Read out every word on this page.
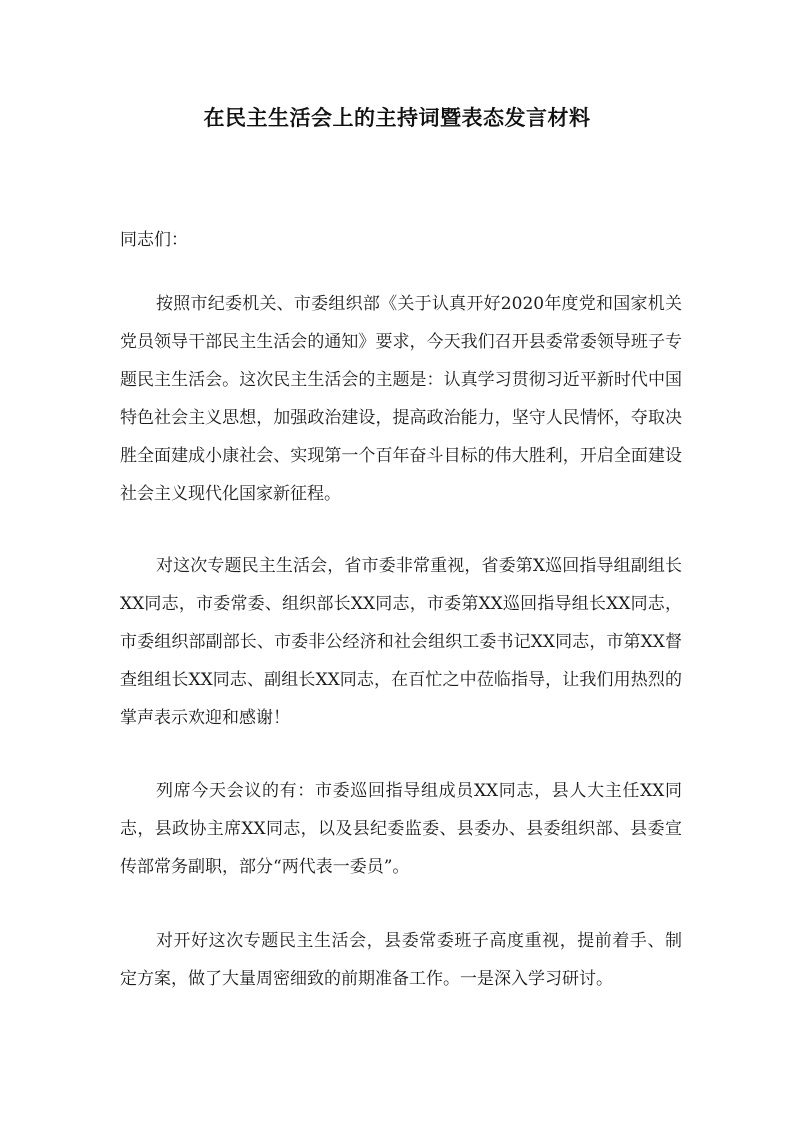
在民主生活会上的主持词暨表态发言材料
同志们：

按照市纪委机关、市委组织部《关于认真开好2020年度党和国家机关党员领导干部民主生活会的通知》要求，今天我们召开县委常委领导班子专题民主生活会。这次民主生活会的主题是：认真学习贯彻习近平新时代中国特色社会主义思想，加强政治建设，提高政治能力，坚守人民情怀，夺取决胜全面建成小康社会、实现第一个百年奋斗目标的伟大胜利，开启全面建设社会主义现代化国家新征程。

对这次专题民主生活会，省市委非常重视，省委第X巡回指导组副组长XX同志，市委常委、组织部长XX同志，市委第XX巡回指导组长XX同志，市委组织部副部长、市委非公经济和社会组织工委书记XX同志，市第XX督查组组长XX同志、副组长XX同志，在百忙之中莅临指导，让我们用热烈的掌声表示欢迎和感谢！

列席今天会议的有：市委巡回指导组成员XX同志，县人大主任XX同志，县政协主席XX同志，以及县纪委监委、县委办、县委组织部、县委宣传部常务副职，部分“两代表一委员”。

对开好这次专题民主生活会，县委常委班子高度重视，提前着手、制定方案，做了大量周密细致的前期准备工作。一是深入学习研讨。
